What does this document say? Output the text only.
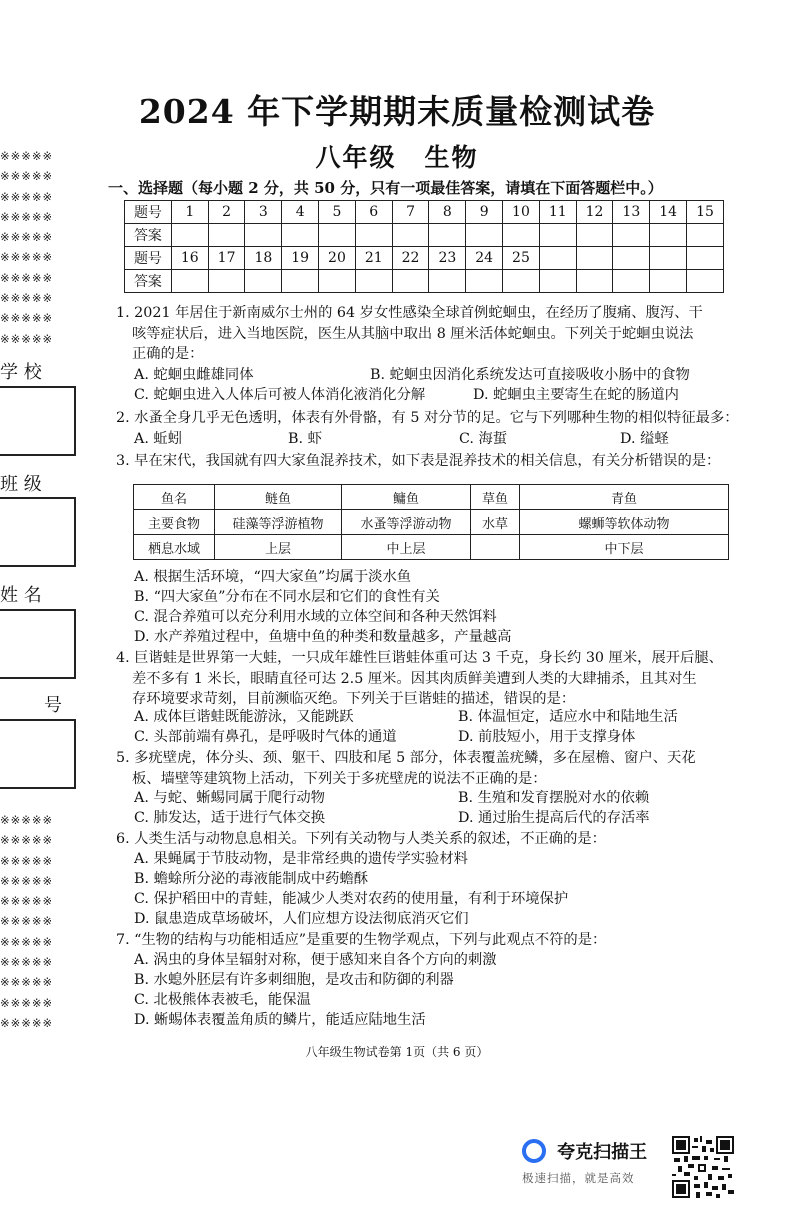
2024 年下学期期末质量检测试卷
八年级 生物
※※※※※
※※※※※
※※※※※
※※※※※
※※※※※
※※※※※
※※※※※
※※※※※
※※※※※
※※※※※
学 校
班 级
姓 名
号
※※※※※
※※※※※
※※※※※
※※※※※
※※※※※
※※※※※
※※※※※
※※※※※
※※※※※
※※※※※
※※※※※
一、选择题（每小题 2 分，共 50 分，只有一项最佳答案，请填在下面答题栏中。）
题号	1	2	3	4	5	6	7	8	9	10	11	12	13	14	15
答案															
题号	16	17	18	19	20	21	22	23	24	25					
答案															
1. 2021 年居住于新南威尔士州的 64 岁女性感染全球首例蛇蛔虫，在经历了腹痛、腹泻、干
咳等症状后，进入当地医院，医生从其脑中取出 8 厘米活体蛇蛔虫。下列关于蛇蛔虫说法
正确的是：
A. 蛇蛔虫雌雄同体	B. 蛇蛔虫因消化系统发达可直接吸收小肠中的食物
C. 蛇蛔虫进入人体后可被人体消化液消化分解	D. 蛇蛔虫主要寄生在蛇的肠道内
2. 水蚤全身几乎无色透明，体表有外骨骼，有 5 对分节的足。它与下列哪种生物的相似特征最多：
A. 蚯蚓	B. 虾	C. 海蜇	D. 缢蛏
3. 早在宋代，我国就有四大家鱼混养技术，如下表是混养技术的相关信息，有关分析错误的是：
鱼名	鲢鱼	鳙鱼	草鱼	青鱼
主要食物	硅藻等浮游植物	水蚤等浮游动物	水草	螺蛳等软体动物
栖息水域	上层	中上层		中下层
A. 根据生活环境，“四大家鱼”均属于淡水鱼
B. “四大家鱼”分布在不同水层和它们的食性有关
C. 混合养殖可以充分利用水域的立体空间和各种天然饵料
D. 水产养殖过程中，鱼塘中鱼的种类和数量越多，产量越高
4. 巨谐蛙是世界第一大蛙，一只成年雄性巨谐蛙体重可达 3 千克，身长约 30 厘米，展开后腿、
差不多有 1 米长，眼睛直径可达 2.5 厘米。因其肉质鲜美遭到人类的大肆捕杀，且其对生
存环境要求苛刻，目前濒临灭绝。下列关于巨谐蛙的描述，错误的是：
A. 成体巨谐蛙既能游泳，又能跳跃	B. 体温恒定，适应水中和陆地生活
C. 头部前端有鼻孔，是呼吸时气体的通道	D. 前肢短小，用于支撑身体
5. 多疣壁虎，体分头、颈、躯干、四肢和尾 5 部分，体表覆盖疣鳞，多在屋檐、窗户、天花
板、墙壁等建筑物上活动，下列关于多疣壁虎的说法不正确的是：
A. 与蛇、蜥蜴同属于爬行动物	B. 生殖和发育摆脱对水的依赖
C. 肺发达，适于进行气体交换	D. 通过胎生提高后代的存活率
6. 人类生活与动物息息相关。下列有关动物与人类关系的叙述，不正确的是：
A. 果蝇属于节肢动物，是非常经典的遗传学实验材料
B. 蟾蜍所分泌的毒液能制成中药蟾酥
C. 保护稻田中的青蛙，能减少人类对农药的使用量，有利于环境保护
D. 鼠患造成草场破坏，人们应想方设法彻底消灭它们
7. “生物的结构与功能相适应”是重要的生物学观点，下列与此观点不符的是：
A. 涡虫的身体呈辐射对称，便于感知来自各个方向的刺激
B. 水螅外胚层有许多刺细胞，是攻击和防御的利器
C. 北极熊体表被毛，能保温
D. 蜥蜴体表覆盖角质的鳞片，能适应陆地生活
八年级生物试卷第 1页（共 6 页）
夸克扫描王
极速扫描，就是高效
